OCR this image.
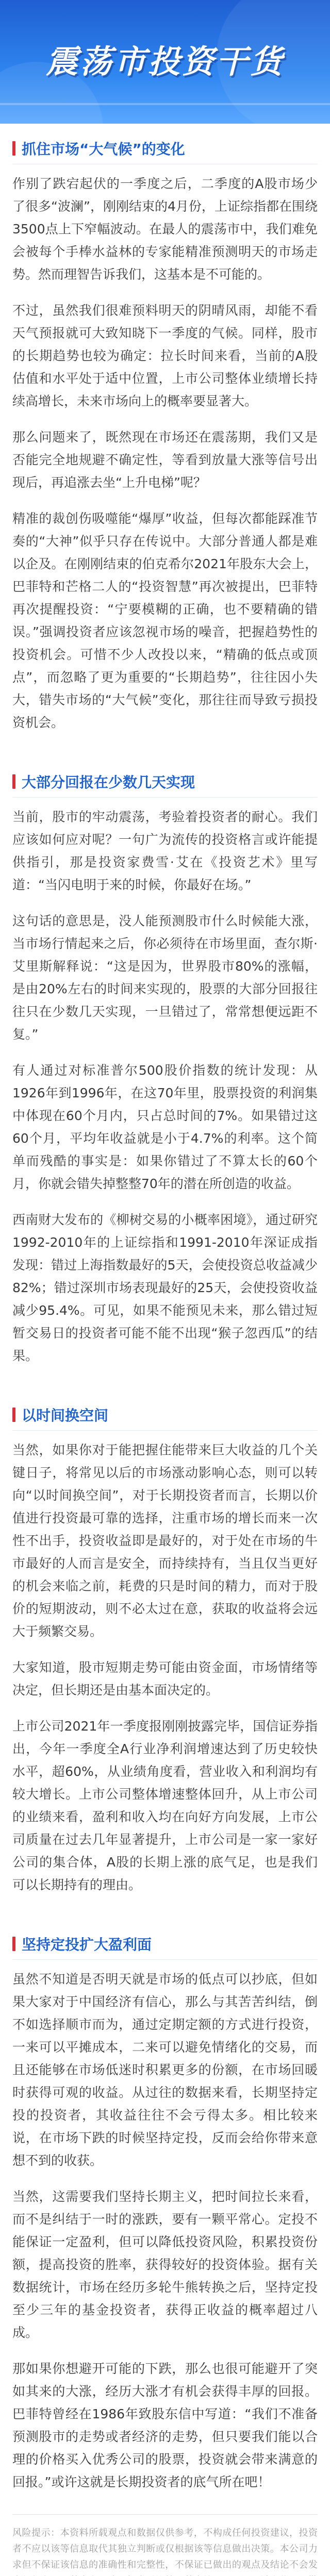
震荡市投资干货
抓住市场“大气候”的变化

作别了跌宕起伏的一季度之后，二季度的A股市场少了很多“波澜”，刚刚结束的4月份，上证综指都在围绕3500点上下窄幅波动。在最人的震荡市中，我们难免会被每个手棒水益林的专家能精准预测明天的市场走势。然而理智告诉我们，这基本是不可能的。

不过，虽然我们很难预料明天的阴晴风雨，却能不看天气预报就可大致知晓下一季度的气候。同样，股市的长期趋势也较为确定：拉长时间来看，当前的A股估值和水平处于适中位置，上市公司整体业绩增长持续高增长，未来市场向上的概率要显著大。

那么问题来了，既然现在市场还在震荡期，我们又是否能完全地规避不确定性，等看到放量大涨等信号出现后，再追涨去坐“上升电梯”呢？

精准的裁创伤吸噬能“爆厚”收益，但每次都能踩准节奏的“大神”似乎只存在传说中。大部分普通人都是难以企及。在刚刚结束的伯克希尔2021年股东大会上，巴菲特和芒格二人的“投资智慧”再次被提出，巴菲特再次提醒投资：“宁要模糊的正确，也不要精确的错误。”强调投资者应该忽视市场的噪音，把握趋势性的投资机会。可惜不少人改投以来，“精确的低点或顶点”，而忽略了更为重要的“长期趋势”，往往因小失大，错失市场的“大气候”变化，那往往而导致亏损投资机会。

大部分回报在少数几天实现

当前，股市的牢动震荡，考验着投资者的耐心。我们应该如何应对呢？一句广为流传的投资格言或许能提供指引，那是投资家费雪·艾在《投资艺术》里写道：“当闪电明于来的时候，你最好在场。”

这句话的意思是，没人能预测股市什么时候能大涨，当市场行情起来之后，你必须待在市场里面，查尔斯·艾里斯解释说：“这是因为，世界股市80%的涨幅，是由20%左右的时间来实现的，股票的大部分回报往往只在少数几天实现，一旦错过了，常常想便远距不复。”

有人通过对标准普尔500股价指数的统计发现：从1926年到1996年，在这70年里，股票投资的利润集中体现在60个月内，只占总时间的7%。如果错过这60个月，平均年收益就是小于4.7%的利率。这个简单而残酷的事实是：如果你错过了不算太长的60个月，你就会错失掉整整70年的潜在所创造的收益。

西南财大发布的《柳树交易的小概率困境》，通过研究1992-2010年的上证综指和1991-2010年深证成指发现：错过上海指数最好的5天，会使投资总收益减少82%；错过深圳市场表现最好的25天，会使投资收益减少95.4%。可见，如果不能预见未来，那么错过短暂交易日的投资者可能不能不出现“猴子忽西瓜”的结果。

以时间换空间

当然，如果你对于能把握住能带来巨大收益的几个关键日子，将常见以后的市场涨动影响心态，则可以转向“以时间换空间”，对于长期投资者而言，长期以价值进行投资最可靠的选择，注重市场的增长而来一次性不出手，投资收益即是最好的，对于处在市场的牛市最好的人而言是安全，而持续持有，当且仅当更好的机会来临之前，耗费的只是时间的精力，而对于股价的短期波动，则不必太过在意，获取的收益将会远大于频繁交易。

大家知道，股市短期走势可能由资金面，市场情绪等决定，但长期还是由基本面决定的。

上市公司2021年一季度报刚刚披露完毕，国信证券指出，今年一季度全A行业净利润增速达到了历史较快水平，超60%，从业绩角度看，营业收入和利润均有较大增长。上市公司整体增速整体回升，从上市公司的业绩来看，盈利和收入均在向好方向发展，上市公司质量在过去几年显著提升，上市公司是一家一家好公司的集合体，A股的长期上涨的底气足，也是我们可以长期持有的理由。

坚持定投扩大盈利面

虽然不知道是否明天就是市场的低点可以抄底，但如果大家对于中国经济有信心，那么与其苦苦纠结，倒不如选择顺市而为，通过定期定额的方式进行投资，一来可以平摊成本，二来可以避免情绪化的交易，而且还能够在市场低迷时积累更多的份额，在市场回暖时获得可观的收益。从过往的数据来看，长期坚持定投的投资者，其收益往往不会亏得太多。相比较来说，在市场下跌的时候坚持定投，反而会给你带来意想不到的收获。

当然，这需要我们坚持长期主义，把时间拉长来看，而不是纠结于一时的涨跌，要有一颗平常心。定投不能保证一定盈利，但可以降低投资风险，积累投资份额，提高投资的胜率，获得较好的投资体验。据有关数据统计，市场在经历多轮牛熊转换之后，坚持定投至少三年的基金投资者，获得正收益的概率超过八成。

那如果你想避开可能的下跌，那么也很可能避开了突如其来的大涨，经历大涨才有机会获得丰厚的回报。巴菲特曾经在1986年致股东信中写道：“我们不准备预测股市的走势或者经济的走势，但只要我们能以合理的价格买入优秀公司的股票，投资就会带来满意的回报。”或许这就是长期投资者的底气所在吧！

风险提示：本资料所载观点和数据仅供参考，不构成任何投资建议，投资者不应以该等信息取代其独立判断或仅根据该等信息做出决策。本公司力求但不保证该信息的准确性和完整性，不保证已做出的观点及结论不会发
